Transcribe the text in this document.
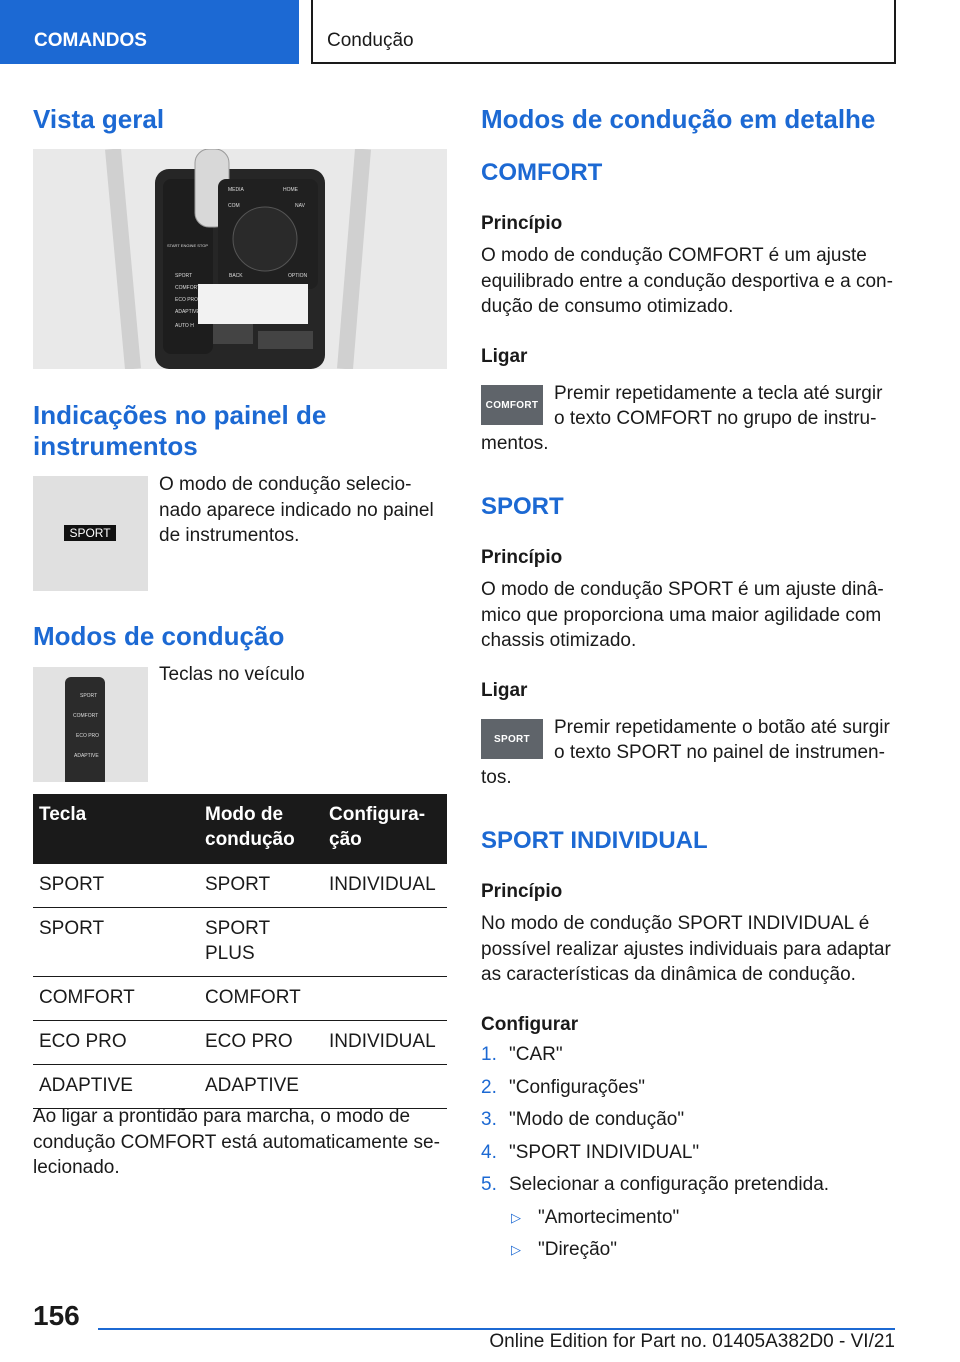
COMANDOS	Condução
Vista geral
SPORT
COMFORT
ECO PRO
ADAPTIVE
AUTO H
MEDIA	HOME
COM	NAV
BACK	OPTION
START ENGINE STOP
Indicações no painel de instrumentos
SPORT

O modo de condução selecio-nado aparece indicado no painel de instrumentos.

Modos de condução
SPORT
COMFORT
ECO PRO
ADAPTIVE

Teclas no veículo

Tecla	Modo de condução	Configura-ção
SPORT	SPORT	INDIVIDUAL
SPORT	SPORT PLUS	
COMFORT	COMFORT	
ECO PRO	ECO PRO	INDIVIDUAL
ADAPTIVE	ADAPTIVE	

Ao ligar a prontidão para marcha, o modo de condução COMFORT está automaticamente se-lecionado.

Modos de condução em detalhe
COMFORT
Princípio

O modo de condução COMFORT é um ajuste equilibrado entre a condução desportiva e a con-dução de consumo otimizado.

Ligar
COMFORT

Premir repetidamente a tecla até surgir

o texto COMFORT no grupo de instru-

mentos.

SPORT
Princípio

O modo de condução SPORT é um ajuste dinâ-mico que proporciona uma maior agilidade com chassis otimizado.

Ligar
SPORT

Premir repetidamente o botão até surgir

o texto SPORT no painel de instrumen-

tos.

SPORT INDIVIDUAL
Princípio

No modo de condução SPORT INDIVIDUAL é possível realizar ajustes individuais para adaptar as características da dinâmica de condução.

Configurar
1. "CAR"
2. "Configurações"
3. "Modo de condução"
4. "SPORT INDIVIDUAL"
5. Selecionar a configuração pretendida.
▷ "Amortecimento"
▷ "Direção"
156
Online Edition for Part no. 01405A382D0 - VI/21
